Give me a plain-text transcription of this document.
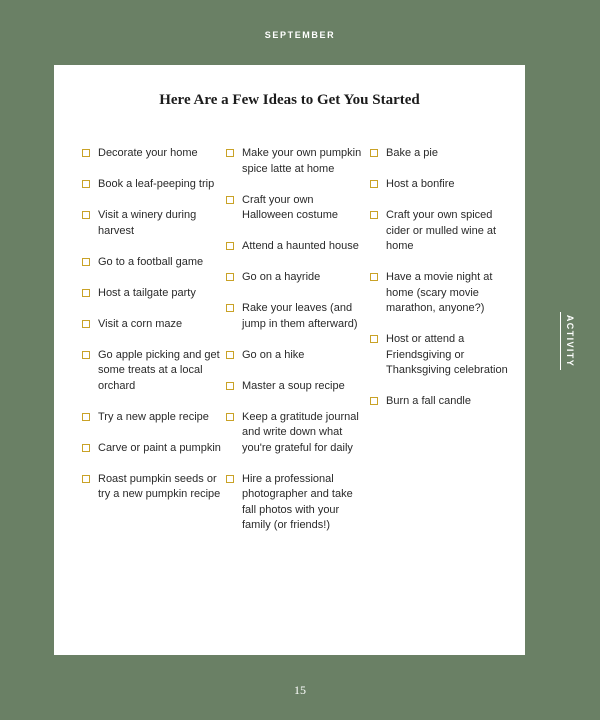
SEPTEMBER
Here Are a Few Ideas to Get You Started
Decorate your home
Book a leaf-peeping trip
Visit a winery during harvest
Go to a football game
Host a tailgate party
Visit a corn maze
Go apple picking and get some treats at a local orchard
Try a new apple recipe
Carve or paint a pumpkin
Roast pumpkin seeds or try a new pumpkin recipe
Make your own pumpkin spice latte at home
Craft your own Halloween costume
Attend a haunted house
Go on a hayride
Rake your leaves (and jump in them afterward)
Go on a hike
Master a soup recipe
Keep a gratitude journal and write down what you're grateful for daily
Hire a professional photographer and take fall photos with your family (or friends!)
Bake a pie
Host a bonfire
Craft your own spiced cider or mulled wine at home
Have a movie night at home (scary movie marathon, anyone?)
Host or attend a Friendsgiving or Thanksgiving celebration
Burn a fall candle
ACTIVITY
15
